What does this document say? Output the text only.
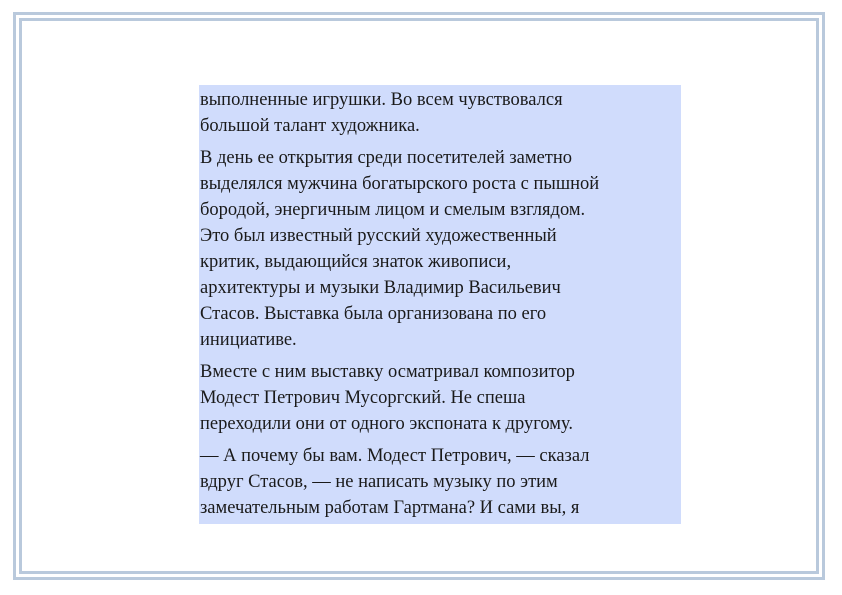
выполненные игрушки. Во всем чувствовался
большой талант художника.

В день ее открытия среди посетителей заметно
выделялся мужчина богатырского роста с пышной
бородой, энергичным лицом и смелым взглядом.
Это был известный русский художественный
критик, выдающийся знаток живописи,
архитектуры и музыки Владимир Васильевич
Стасов. Выставка была организована по его
инициативе.

Вместе с ним выставку осматривал композитор
Модест Петрович Мусоргский. Не спеша
переходили они от одного экспоната к другому.

— А почему бы вам. Модест Петрович, — сказал
вдруг Стасов, — не написать музыку по этим
замечательным работам Гартмана? И сами вы, я
